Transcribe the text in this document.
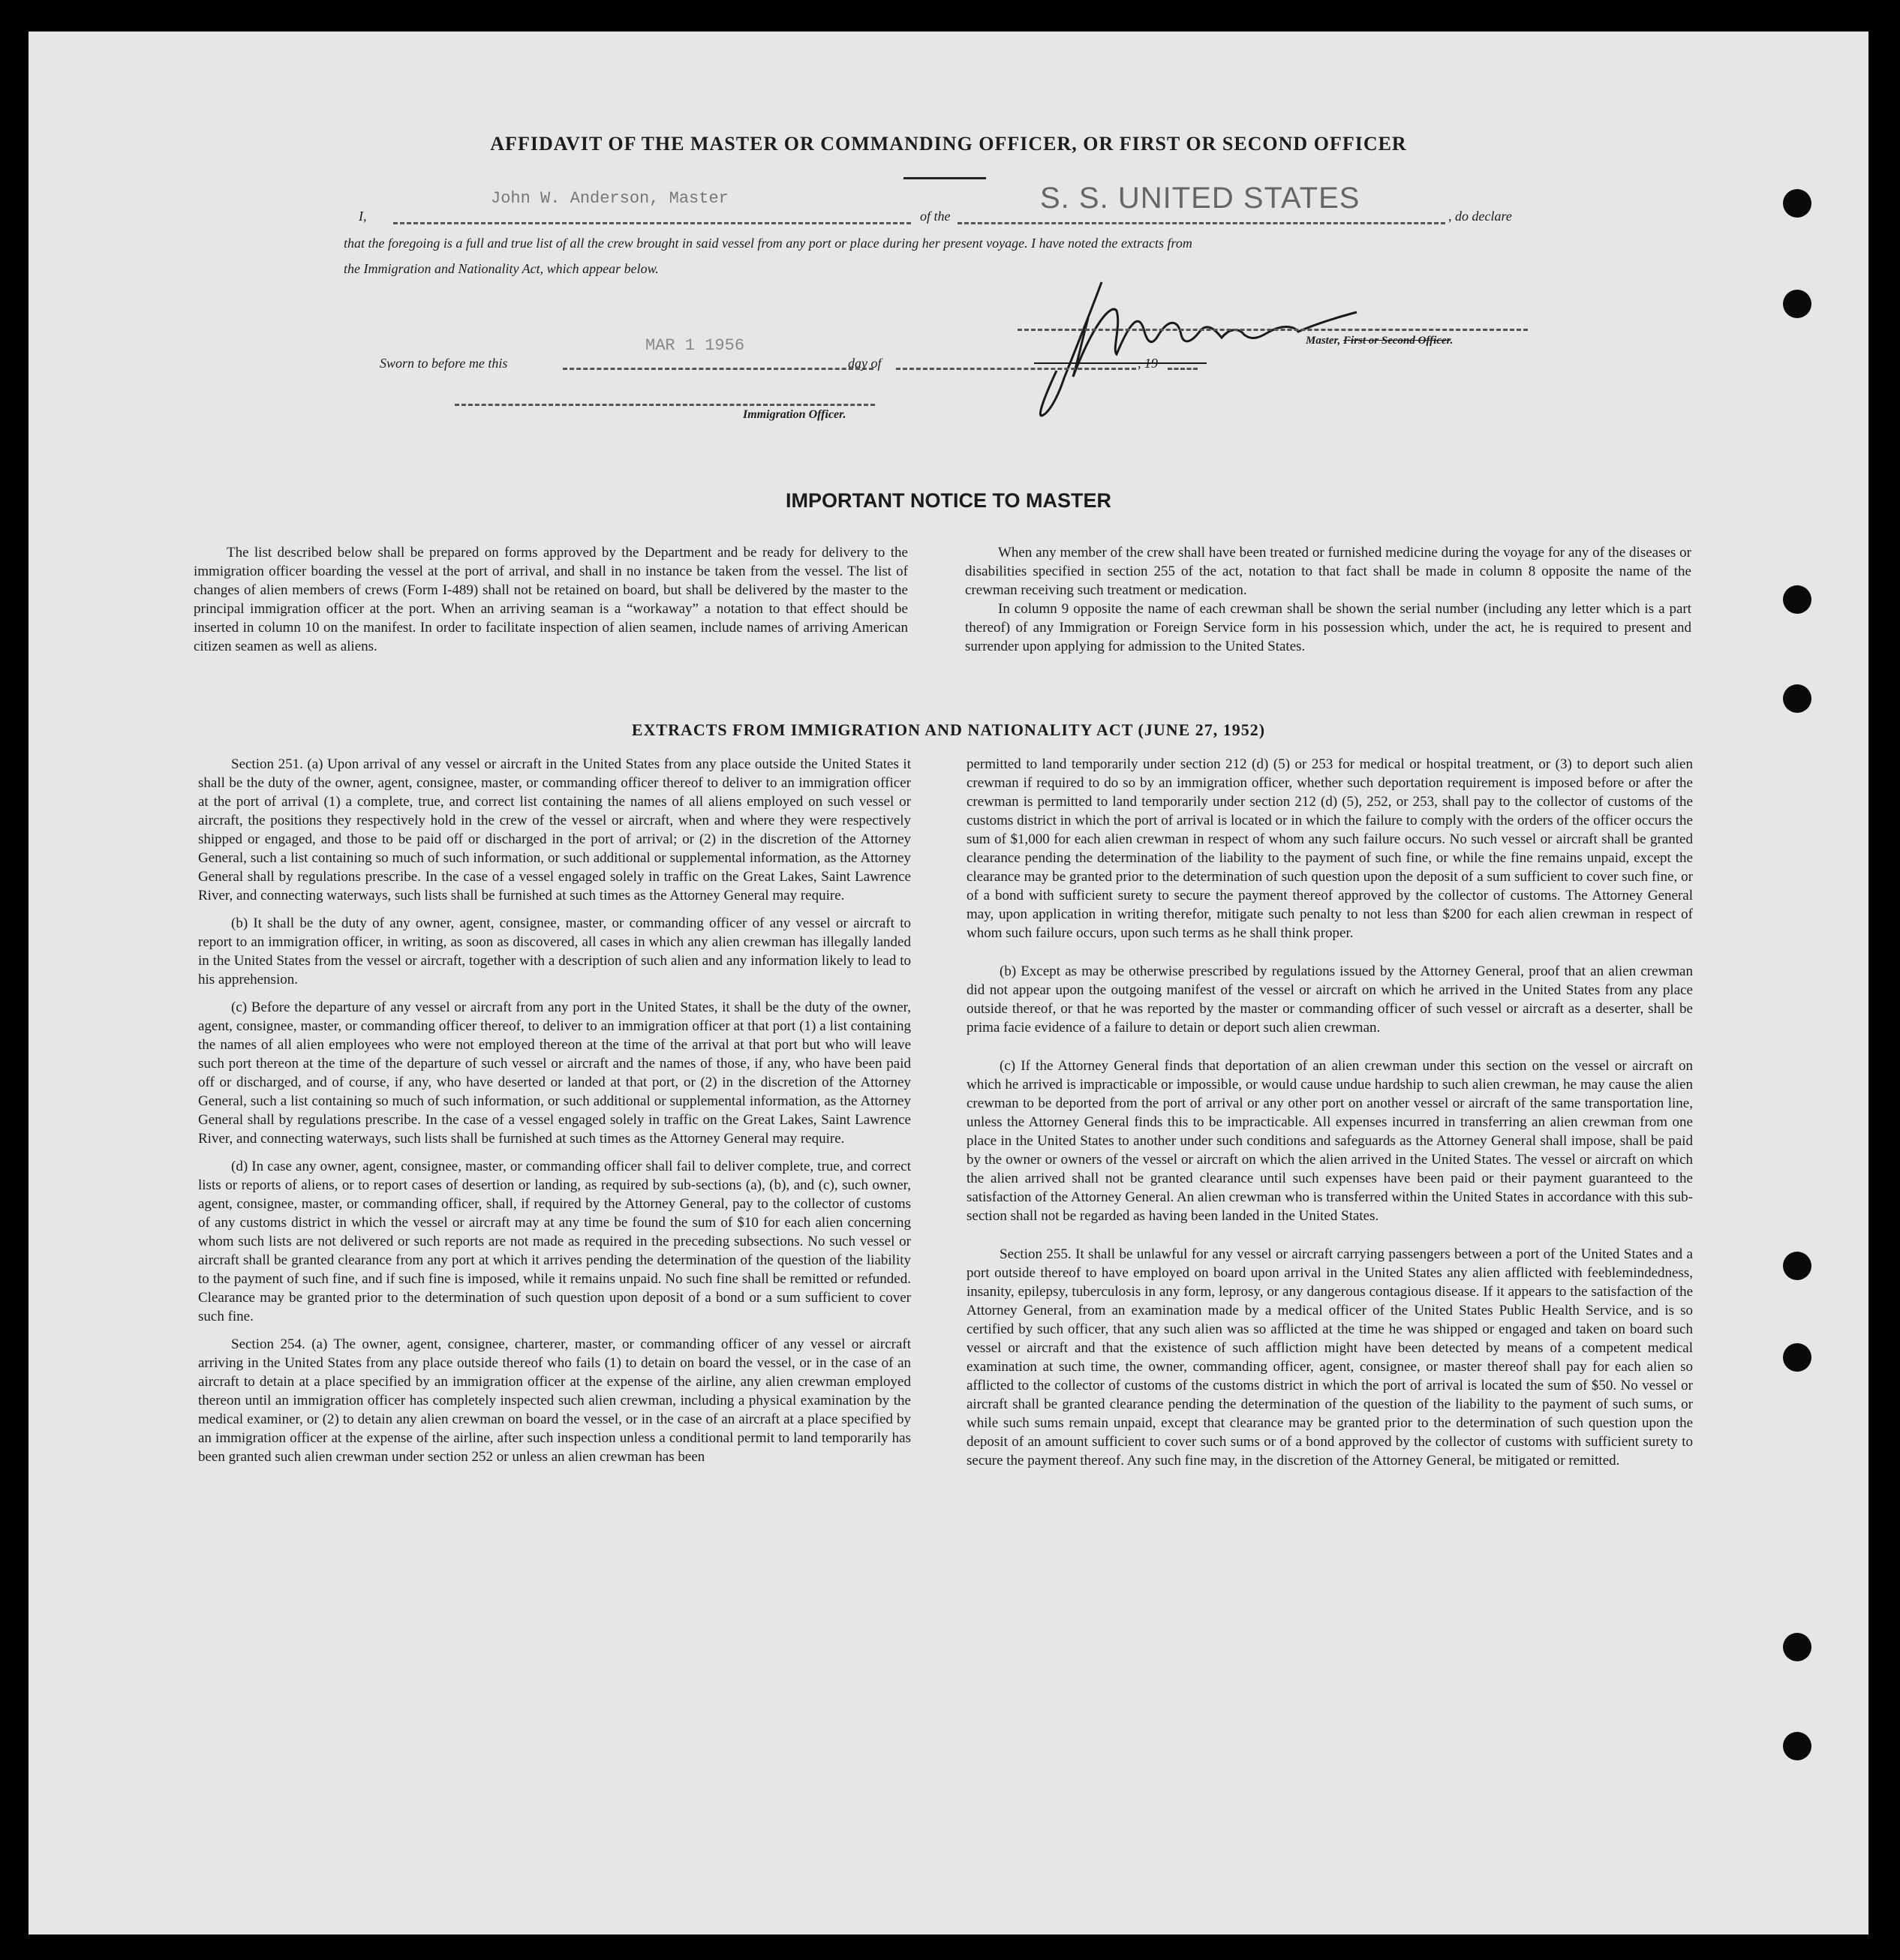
AFFIDAVIT OF THE MASTER OR COMMANDING OFFICER, OR FIRST OR SECOND OFFICER
John W. Anderson, Master	S. S. UNITED STATES
I,	of the	, do declare
that the foregoing is a full and true list of all the crew brought in said vessel from any port or place during her present voyage. I have noted the extracts from
the Immigration and Nationality Act, which appear below.
Master, First or Second Officer.
Sworn to before me this
MAR 1 1956
day of	, 19
Immigration Officer.
IMPORTANT NOTICE TO MASTER

The list described below shall be prepared on forms approved by the Department and be ready for delivery to the immigration officer boarding the vessel at the port of arrival, and shall in no instance be taken from the vessel. The list of changes of alien members of crews (Form I-489) shall not be retained on board, but shall be delivered by the master to the principal immigration officer at the port. When an arriving seaman is a “workaway” a notation to that effect should be inserted in column 10 on the manifest. In order to facilitate inspection of alien seamen, include names of arriving American citizen seamen as well as aliens.

When any member of the crew shall have been treated or furnished medicine during the voyage for any of the diseases or disabilities specified in section 255 of the act, notation to that fact shall be made in column 8 opposite the name of the crewman receiving such treatment or medication.

In column 9 opposite the name of each crewman shall be shown the serial number (including any letter which is a part thereof) of any Immigration or Foreign Service form in his possession which, under the act, he is required to present and surrender upon applying for admission to the United States.

EXTRACTS FROM IMMIGRATION AND NATIONALITY ACT (JUNE 27, 1952)

Section 251. (a) Upon arrival of any vessel or aircraft in the United States from any place outside the United States it shall be the duty of the owner, agent, consignee, master, or commanding officer thereof to deliver to an immigration officer at the port of arrival (1) a complete, true, and correct list containing the names of all aliens employed on such vessel or aircraft, the positions they respectively hold in the crew of the vessel or aircraft, when and where they were respectively shipped or engaged, and those to be paid off or discharged in the port of arrival; or (2) in the discretion of the Attorney General, such a list containing so much of such information, or such additional or supplemental information, as the Attorney General shall by regulations prescribe. In the case of a vessel engaged solely in traffic on the Great Lakes, Saint Lawrence River, and connecting waterways, such lists shall be furnished at such times as the Attorney General may require.

(b) It shall be the duty of any owner, agent, consignee, master, or commanding officer of any vessel or aircraft to report to an immigration officer, in writing, as soon as discovered, all cases in which any alien crewman has illegally landed in the United States from the vessel or aircraft, together with a description of such alien and any information likely to lead to his apprehension.

(c) Before the departure of any vessel or aircraft from any port in the United States, it shall be the duty of the owner, agent, consignee, master, or commanding officer thereof, to deliver to an immigration officer at that port (1) a list containing the names of all alien employees who were not employed thereon at the time of the arrival at that port but who will leave such port thereon at the time of the departure of such vessel or aircraft and the names of those, if any, who have been paid off or discharged, and of course, if any, who have deserted or landed at that port, or (2) in the discretion of the Attorney General, such a list containing so much of such information, or such additional or supplemental information, as the Attorney General shall by regulations prescribe. In the case of a vessel engaged solely in traffic on the Great Lakes, Saint Lawrence River, and connecting waterways, such lists shall be furnished at such times as the Attorney General may require.

(d) In case any owner, agent, consignee, master, or commanding officer shall fail to deliver complete, true, and correct lists or reports of aliens, or to report cases of desertion or landing, as required by sub-sections (a), (b), and (c), such owner, agent, consignee, master, or commanding officer, shall, if required by the Attorney General, pay to the collector of customs of any customs district in which the vessel or aircraft may at any time be found the sum of $10 for each alien concerning whom such lists are not delivered or such reports are not made as required in the preceding subsections. No such vessel or aircraft shall be granted clearance from any port at which it arrives pending the determination of the question of the liability to the payment of such fine, and if such fine is imposed, while it remains unpaid. No such fine shall be remitted or refunded. Clearance may be granted prior to the determination of such question upon deposit of a bond or a sum sufficient to cover such fine.

Section 254. (a) The owner, agent, consignee, charterer, master, or commanding officer of any vessel or aircraft arriving in the United States from any place outside thereof who fails (1) to detain on board the vessel, or in the case of an aircraft to detain at a place specified by an immigration officer at the expense of the airline, any alien crewman employed thereon until an immigration officer has completely inspected such alien crewman, including a physical examination by the medical examiner, or (2) to detain any alien crewman on board the vessel, or in the case of an aircraft at a place specified by an immigration officer at the expense of the airline, after such inspection unless a conditional permit to land temporarily has been granted such alien crewman under section 252 or unless an alien crewman has been

permitted to land temporarily under section 212 (d) (5) or 253 for medical or hospital treatment, or (3) to deport such alien crewman if required to do so by an immigration officer, whether such deportation requirement is imposed before or after the crewman is permitted to land temporarily under section 212 (d) (5), 252, or 253, shall pay to the collector of customs of the customs district in which the port of arrival is located or in which the failure to comply with the orders of the officer occurs the sum of $1,000 for each alien crewman in respect of whom any such failure occurs. No such vessel or aircraft shall be granted clearance pending the determination of the liability to the payment of such fine, or while the fine remains unpaid, except the clearance may be granted prior to the determination of such question upon the deposit of a sum sufficient to cover such fine, or of a bond with sufficient surety to secure the payment thereof approved by the collector of customs. The Attorney General may, upon application in writing therefor, mitigate such penalty to not less than $200 for each alien crewman in respect of whom such failure occurs, upon such terms as he shall think proper.

(b) Except as may be otherwise prescribed by regulations issued by the Attorney General, proof that an alien crewman did not appear upon the outgoing manifest of the vessel or aircraft on which he arrived in the United States from any place outside thereof, or that he was reported by the master or commanding officer of such vessel or aircraft as a deserter, shall be prima facie evidence of a failure to detain or deport such alien crewman.

(c) If the Attorney General finds that deportation of an alien crewman under this section on the vessel or aircraft on which he arrived is impracticable or impossible, or would cause undue hardship to such alien crewman, he may cause the alien crewman to be deported from the port of arrival or any other port on another vessel or aircraft of the same transportation line, unless the Attorney General finds this to be impracticable. All expenses incurred in transferring an alien crewman from one place in the United States to another under such conditions and safeguards as the Attorney General shall impose, shall be paid by the owner or owners of the vessel or aircraft on which the alien arrived in the United States. The vessel or aircraft on which the alien arrived shall not be granted clearance until such expenses have been paid or their payment guaranteed to the satisfaction of the Attorney General. An alien crewman who is transferred within the United States in accordance with this sub-section shall not be regarded as having been landed in the United States.

Section 255. It shall be unlawful for any vessel or aircraft carrying passengers between a port of the United States and a port outside thereof to have employed on board upon arrival in the United States any alien afflicted with feeblemindedness, insanity, epilepsy, tuberculosis in any form, leprosy, or any dangerous contagious disease. If it appears to the satisfaction of the Attorney General, from an examination made by a medical officer of the United States Public Health Service, and is so certified by such officer, that any such alien was so afflicted at the time he was shipped or engaged and taken on board such vessel or aircraft and that the existence of such affliction might have been detected by means of a competent medical examination at such time, the owner, commanding officer, agent, consignee, or master thereof shall pay for each alien so afflicted to the collector of customs of the customs district in which the port of arrival is located the sum of $50. No vessel or aircraft shall be granted clearance pending the determination of the question of the liability to the payment of such sums, or while such sums remain unpaid, except that clearance may be granted prior to the determination of such question upon the deposit of an amount sufficient to cover such sums or of a bond approved by the collector of customs with sufficient surety to secure the payment thereof. Any such fine may, in the discretion of the Attorney General, be mitigated or remitted.
